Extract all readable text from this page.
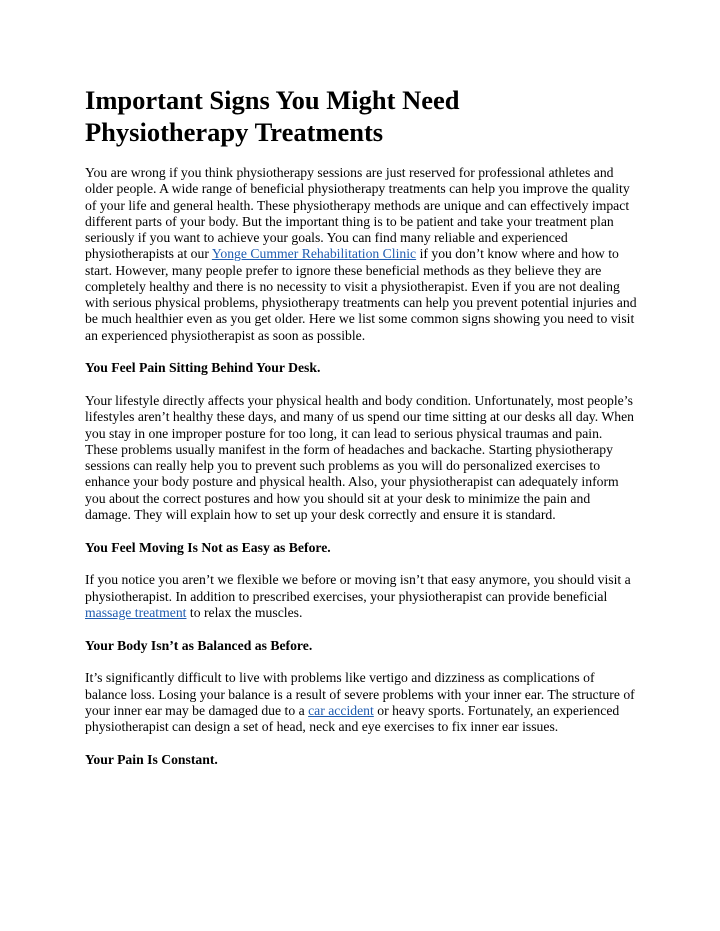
Important Signs You Might Need
Physiotherapy Treatments

You are wrong if you think physiotherapy sessions are just reserved for professional athletes and older people. A wide range of beneficial physiotherapy treatments can help you improve the quality of your life and general health. These physiotherapy methods are unique and can effectively impact different parts of your body. But the important thing is to be patient and take your treatment plan seriously if you want to achieve your goals. You can find many reliable and experienced physiotherapists at our Yonge Cummer Rehabilitation Clinic if you don’t know where and how to start. However, many people prefer to ignore these beneficial methods as they believe they are completely healthy and there is no necessity to visit a physiotherapist. Even if you are not dealing with serious physical problems, physiotherapy treatments can help you prevent potential injuries and be much healthier even as you get older. Here we list some common signs showing you need to visit an experienced physiotherapist as soon as possible.

You Feel Pain Sitting Behind Your Desk.

Your lifestyle directly affects your physical health and body condition. Unfortunately, most people’s lifestyles aren’t healthy these days, and many of us spend our time sitting at our desks all day. When you stay in one improper posture for too long, it can lead to serious physical traumas and pain. These problems usually manifest in the form of headaches and backache. Starting physiotherapy sessions can really help you to prevent such problems as you will do personalized exercises to enhance your body posture and physical health. Also, your physiotherapist can adequately inform you about the correct postures and how you should sit at your desk to minimize the pain and damage. They will explain how to set up your desk correctly and ensure it is standard.

You Feel Moving Is Not as Easy as Before.

If you notice you aren’t we flexible we before or moving isn’t that easy anymore, you should visit a physiotherapist. In addition to prescribed exercises, your physiotherapist can provide beneficial massage treatment to relax the muscles.

Your Body Isn’t as Balanced as Before.

It’s significantly difficult to live with problems like vertigo and dizziness as complications of balance loss. Losing your balance is a result of severe problems with your inner ear. The structure of your inner ear may be damaged due to a car accident or heavy sports. Fortunately, an experienced physiotherapist can design a set of head, neck and eye exercises to fix inner ear issues.

Your Pain Is Constant.
